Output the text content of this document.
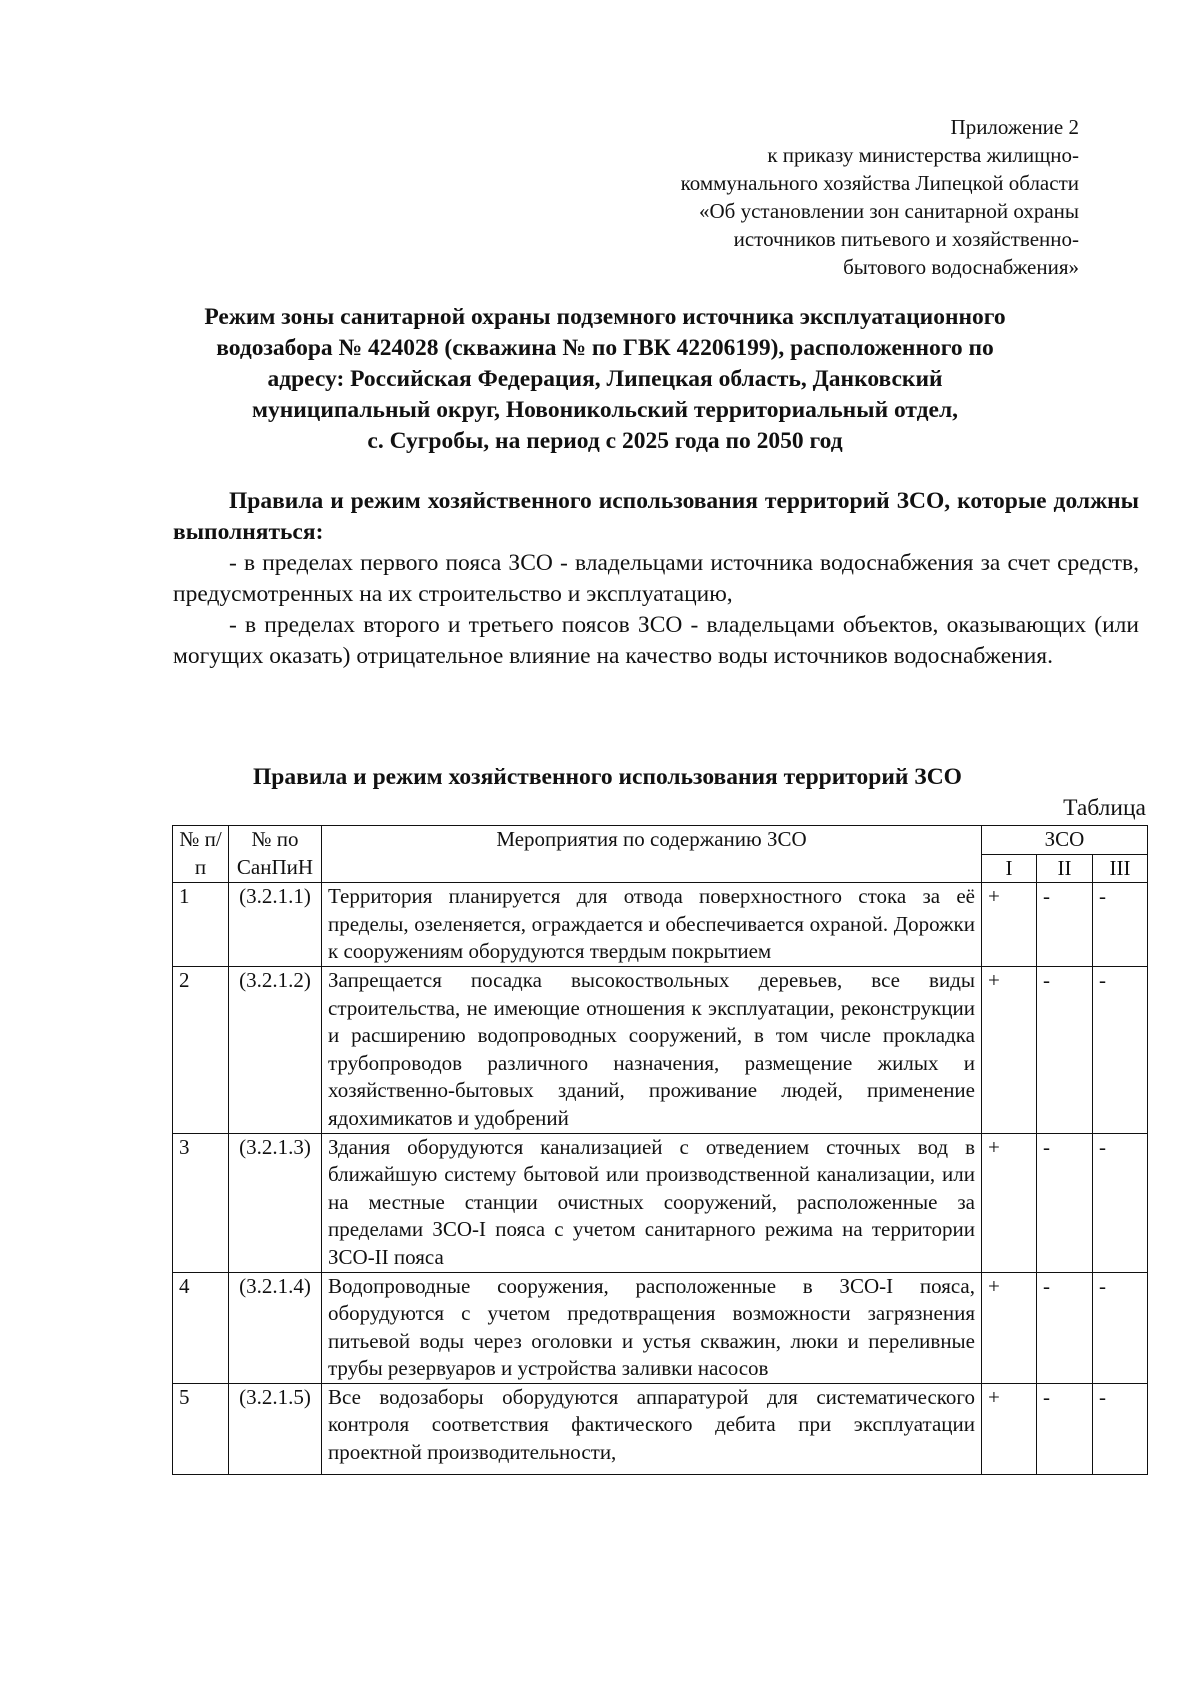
Приложение 2
к приказу министерства жилищно-
коммунального хозяйства Липецкой области
«Об установлении зон санитарной охраны
источников питьевого и хозяйственно-
бытового водоснабжения»
Режим зоны санитарной охраны подземного источника эксплуатационного
водозабора № 424028 (скважина № по ГВК 42206199), расположенного по
адресу: Российская Федерация, Липецкая область, Данковский
муниципальный округ, Новоникольский территориальный отдел,
с. Сугробы, на период с 2025 года по 2050 год

Правила и режим хозяйственного использования территорий ЗСО, которые должны выполняться:

- в пределах первого пояса ЗСО - владельцами источника водоснабжения за счет средств, предусмотренных на их строительство и эксплуатацию,

- в пределах второго и третьего поясов ЗСО - владельцами объектов, оказывающих (или могущих оказать) отрицательное влияние на качество воды источников водоснабжения.

Правила и режим хозяйственного использования территорий ЗСО
Таблица
№ п/п	№ по СанПиН	Мероприятия по содержанию ЗСО	ЗСО		
			I	II	III
1	(3.2.1.1)	Территория планируется для отвода поверхностного стока за её пределы, озеленяется, ограждается и обеспечивается охраной. Дорожки к сооружениям оборудуются твердым покрытием	+	-	-
2	(3.2.1.2)	Запрещается посадка высокоствольных деревьев, все виды строительства, не имеющие отношения к эксплуатации, реконструкции и расширению водопроводных сооружений, в том числе прокладка трубопроводов различного назначения, размещение жилых и хозяйственно-бытовых зданий, проживание людей, применение ядохимикатов и удобрений	+	-	-
3	(3.2.1.3)	Здания оборудуются канализацией с отведением сточных вод в ближайшую систему бытовой или производственной канализации, или на местные станции очистных сооружений, расположенные за пределами ЗСО-I пояса с учетом санитарного режима на территории ЗСО-II пояса	+	-	-
4	(3.2.1.4)	Водопроводные сооружения, расположенные в ЗСО-I пояса, оборудуются с учетом предотвращения возможности загрязнения питьевой воды через оголовки и устья скважин, люки и переливные трубы резервуаров и устройства заливки насосов	+	-	-
5	(3.2.1.5)	Все водозаборы оборудуются аппаратурой для систематического контроля соответствия фактического дебита при эксплуатации проектной производительности,	+	-	-
